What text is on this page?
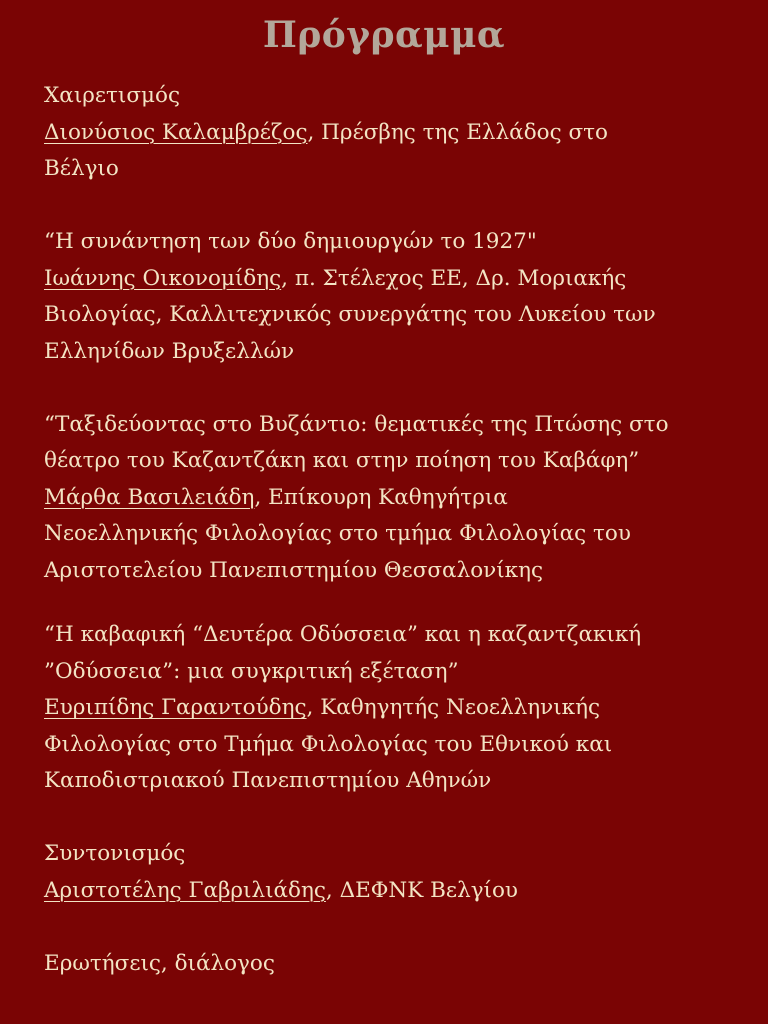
Πρόγραμμα
Χαιρετισμός
Διονύσιος Καλαμβρέζος, Πρέσβης της Ελλάδος στο
Βέλγιο
“Η συνάντηση των δύο δημιουργών το 1927"
Ιωάννης Οικονομίδης, π. Στέλεχος ΕΕ, Δρ. Μοριακής
Βιολογίας, Καλλιτεχνικός συνεργάτης του Λυκείου των
Ελληνίδων Βρυξελλών
“Ταξιδεύοντας στο Βυζάντιο: θεματικές της Πτώσης στο
θέατρο του Καζαντζάκη και στην ποίηση του Καβάφη”
Μάρθα Βασιλειάδη, Επίκουρη Καθηγήτρια
Νεοελληνικής Φιλολογίας στο τμήμα Φιλολογίας του
Αριστοτελείου Πανεπιστημίου Θεσσαλονίκης
“Η καβαφική “Δευτέρα Οδύσσεια” και η καζαντζακική
”Οδύσσεια”: μια συγκριτική εξέταση”
Ευριπίδης Γαραντούδης, Καθηγητής Νεοελληνικής
Φιλολογίας στο Τμήμα Φιλολογίας του Εθνικού και
Καποδιστριακού Πανεπιστημίου Αθηνών
Συντονισμός
Αριστοτέλης Γαβριλιάδης, ΔΕΦΝΚ Βελγίου
Ερωτήσεις, διάλογος
